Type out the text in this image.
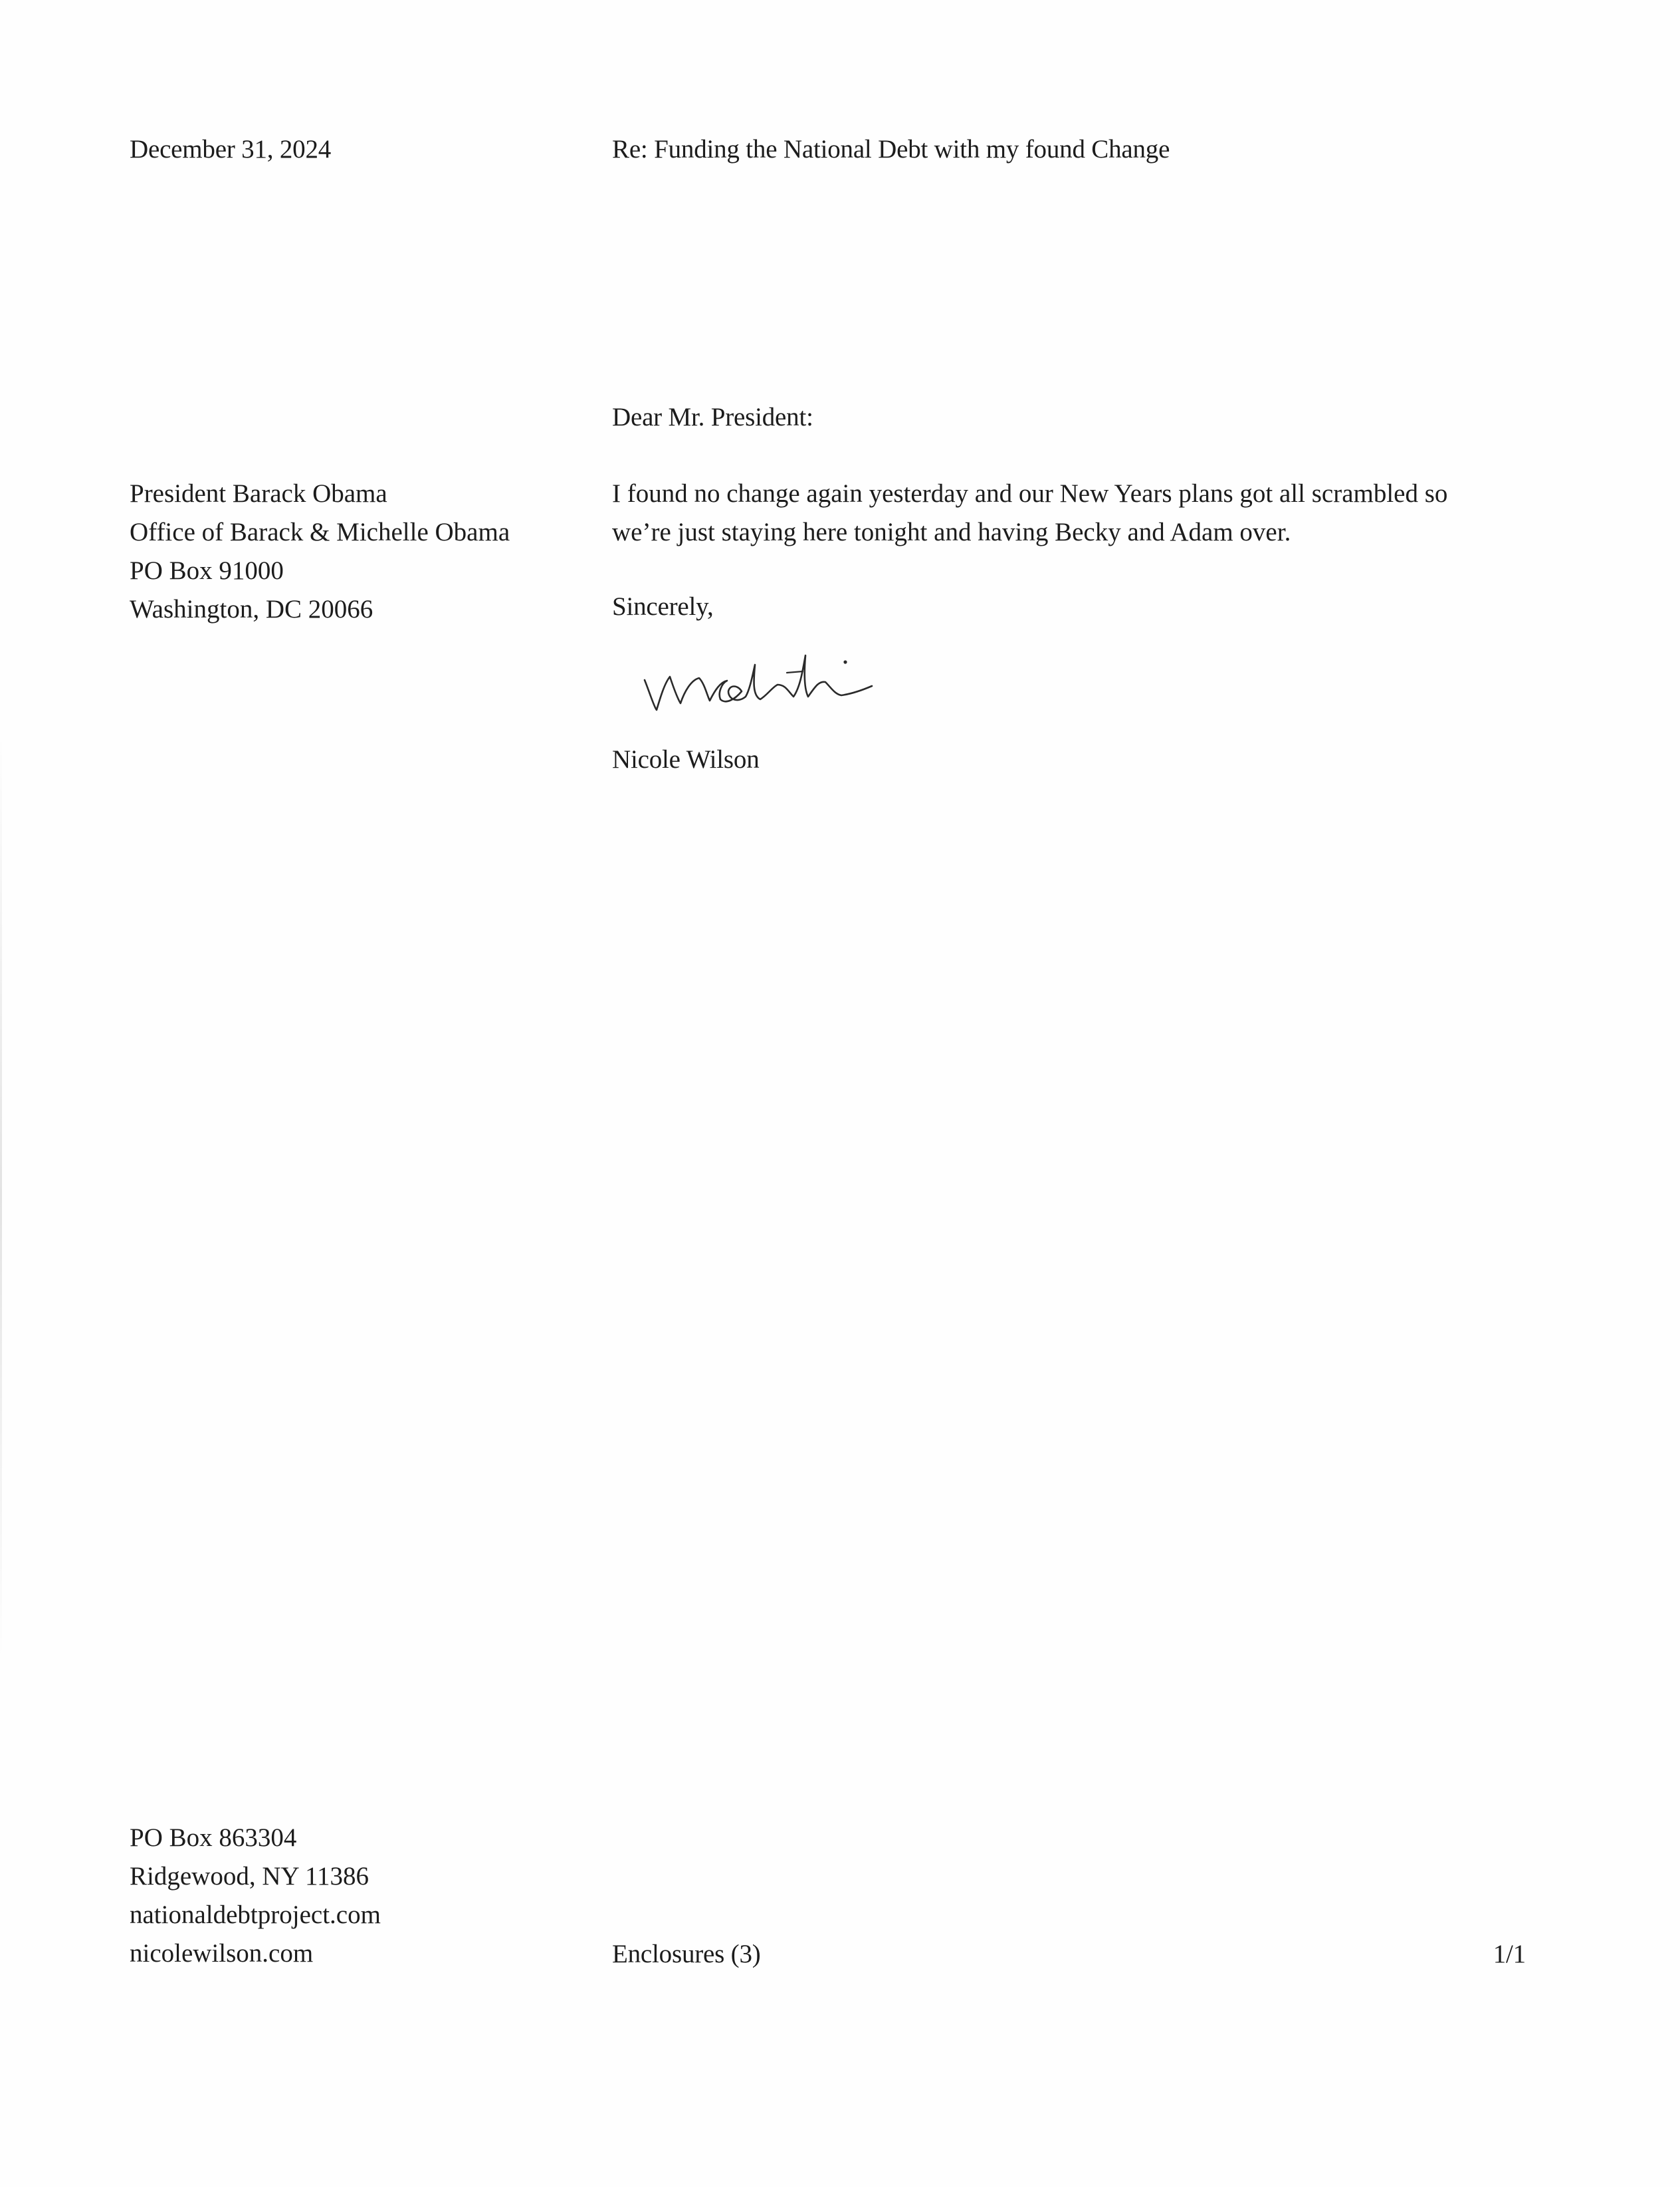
December 31, 2024	Re: Funding the National Debt with my found Change
Dear Mr. President:
President Barack Obama
Office of Barack & Michelle Obama
PO Box 91000
Washington, DC 20066
I found no change again yesterday and our New Years plans got all scrambled so
we’re just staying here tonight and having Becky and Adam over.
Sincerely,
Nicole Wilson
PO Box 863304
Ridgewood, NY 11386
nationaldebtproject.com
nicolewilson.com	Enclosures (3)	1/1
